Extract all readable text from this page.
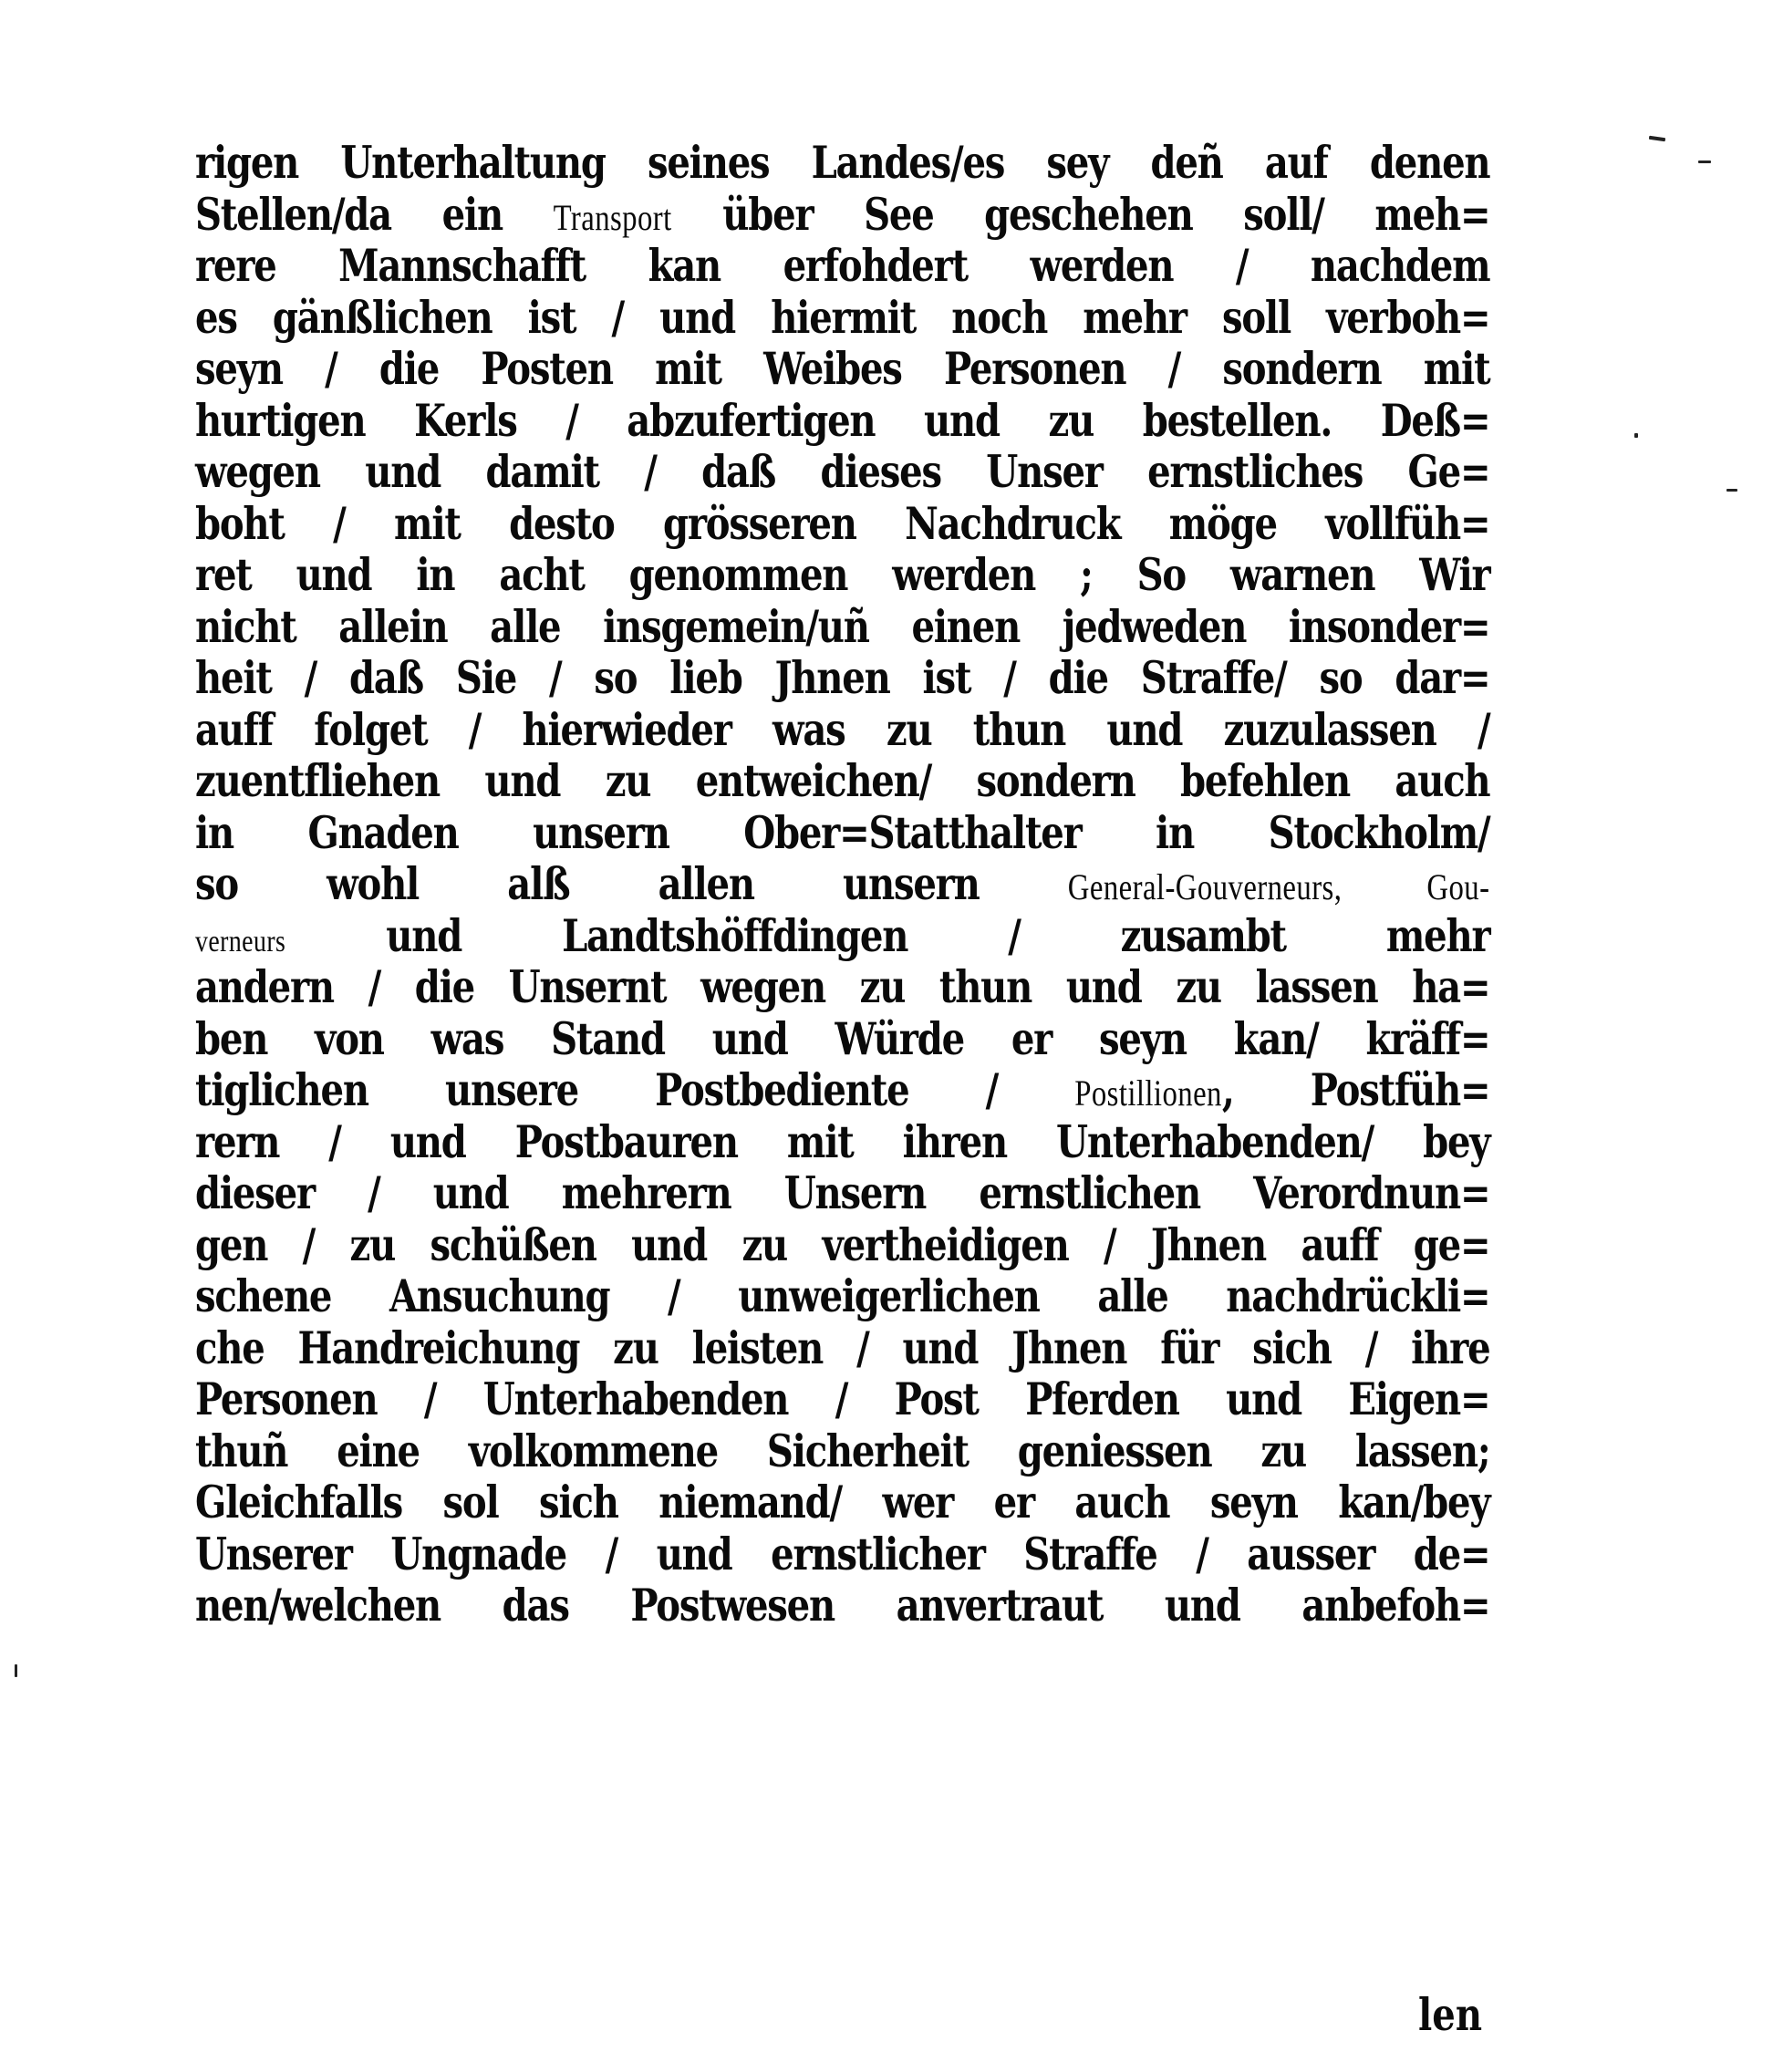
rigen Unterhaltung seines Landes/es sey deñ auf denen
Stellen/da ein Transport über See geschehen soll/ meh=
rere Mannschafft kan erfohdert werden / nachdem
es gänßlichen ist / und hiermit noch mehr soll verboh=
seyn / die Posten mit Weibes Personen / sondern mit
hurtigen Kerls / abzufertigen und zu bestellen. Deß=
wegen und damit / daß dieses Unser ernstliches Ge=
boht / mit desto grösseren Nachdruck möge vollfüh=
ret und in acht genommen werden ; So warnen Wir
nicht allein alle insgemein/uñ einen jedweden insonder=
heit / daß Sie / so lieb Jhnen ist / die Straffe/ so dar=
auff folget / hierwieder was zu thun und zuzulassen /
zuentfliehen und zu entweichen/ sondern befehlen auch
in Gnaden unsern Ober=Statthalter in Stockholm/
so wohl alß allen unsern General-Gouverneurs, Gou-
verneurs und Landtshöffdingen / zusambt mehr
andern / die Unsernt wegen zu thun und zu lassen ha=
ben von was Stand und Würde er seyn kan/ kräff=
tiglichen unsere Postbediente / Postillionen, Postfüh=
rern / und Postbauren mit ihren Unterhabenden/ bey
dieser / und mehrern Unsern ernstlichen Verordnun=
gen / zu schüßen und zu vertheidigen / Jhnen auff ge=
schene Ansuchung / unweigerlichen alle nachdrückli=
che Handreichung zu leisten / und Jhnen für sich / ihre
Personen / Unterhabenden / Post Pferden und Eigen=
thuñ eine volkommene Sicherheit geniessen zu lassen;
Gleichfalls sol sich niemand/ wer er auch seyn kan/bey
Unserer Ungnade / und ernstlicher Straffe / ausser de=
nen/welchen das Postwesen anvertraut und anbefoh=
len
